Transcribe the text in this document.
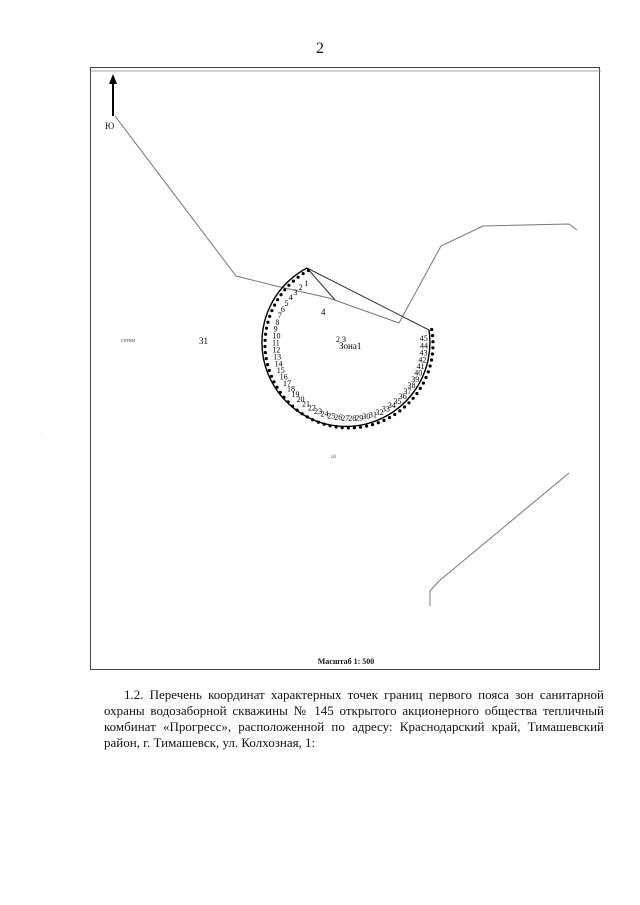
2
1
2
3
4
5
6
7
8
9
10
11
12
13
14
15
16
17
18
19
20
21
22
23
24
25
26 27 28 29 30
31
32
33
34
35
36
37
38
39
40
41
42
43
44
45
Зона1
31
сетки	2 3
ц6
4
Ю
Масштаб 1: 500
·
1.2. Перечень координат характерных точек границ первого пояса зон санитарной охраны водозаборной скважины № 145 открытого акционерного общества тепличный комбинат «Прогресс», расположенной по адресу: Краснодарский край, Тимашевский район, г. Тимашевск, ул. Колхозная, 1:
